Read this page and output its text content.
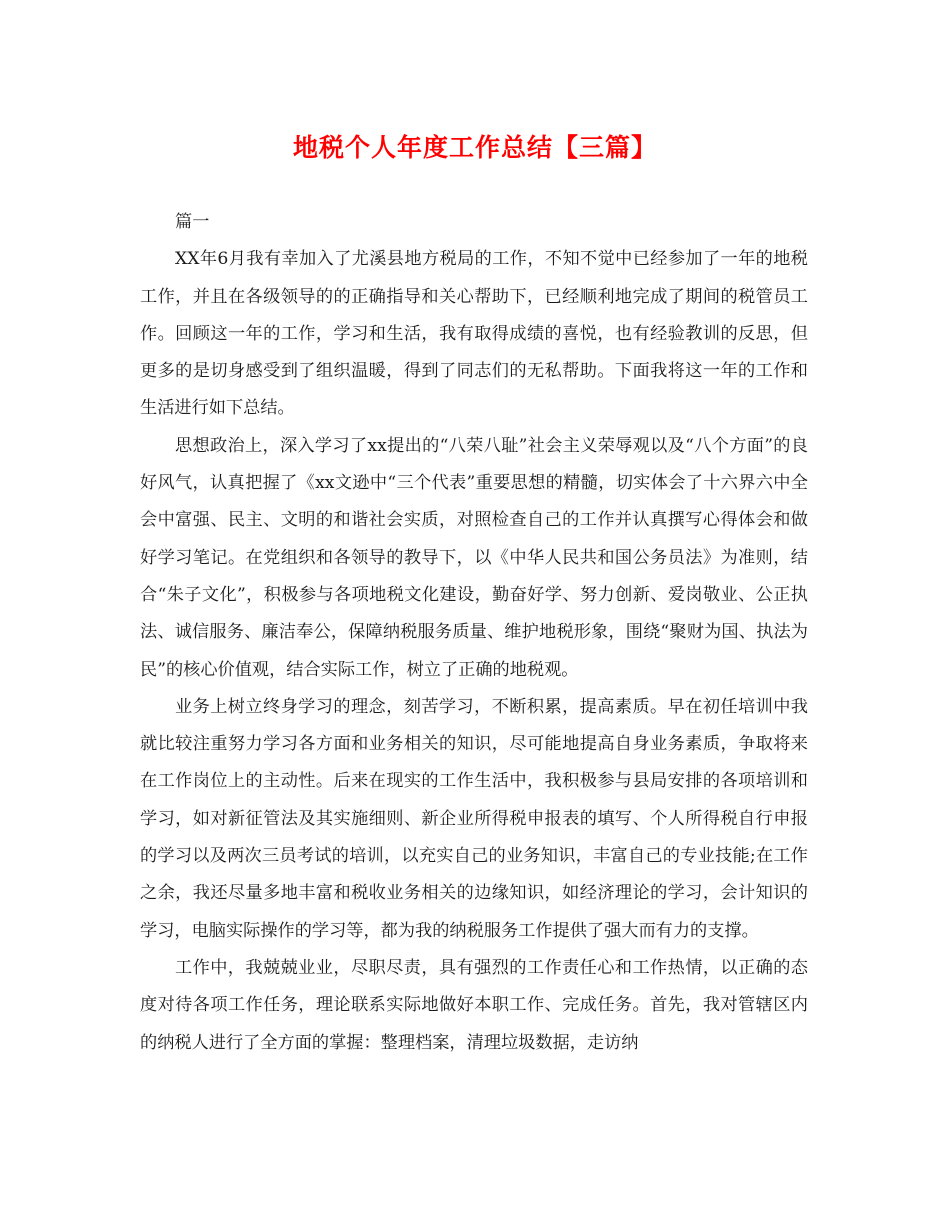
地税个人年度工作总结【三篇】

篇一

XX年6月我有幸加入了尤溪县地方税局的工作，不知不觉中已经参加了一年的地税工作，并且在各级领导的的正确指导和关心帮助下，已经顺利地完成了期间的税管员工作。回顾这一年的工作，学习和生活，我有取得成绩的喜悦，也有经验教训的反思，但更多的是切身感受到了组织温暖，得到了同志们的无私帮助。下面我将这一年的工作和生活进行如下总结。

思想政治上，深入学习了xx提出的“八荣八耻”社会主义荣辱观以及“八个方面”的良好风气，认真把握了《xx文逊中“三个代表”重要思想的精髓，切实体会了十六界六中全会中富强、民主、文明的和谐社会实质，对照检查自己的工作并认真撰写心得体会和做好学习笔记。在党组织和各领导的教导下，以《中华人民共和国公务员法》为准则，结合“朱子文化”，积极参与各项地税文化建设，勤奋好学、努力创新、爱岗敬业、公正执法、诚信服务、廉洁奉公，保障纳税服务质量、维护地税形象，围绕“聚财为国、执法为民”的核心价值观，结合实际工作，树立了正确的地税观。

业务上树立终身学习的理念，刻苦学习，不断积累，提高素质。早在初任培训中我就比较注重努力学习各方面和业务相关的知识，尽可能地提高自身业务素质，争取将来在工作岗位上的主动性。后来在现实的工作生活中，我积极参与县局安排的各项培训和学习，如对新征管法及其实施细则、新企业所得税申报表的填写、个人所得税自行申报的学习以及两次三员考试的培训，以充实自己的业务知识，丰富自己的专业技能;在工作之余，我还尽量多地丰富和税收业务相关的边缘知识，如经济理论的学习，会计知识的学习，电脑实际操作的学习等，都为我的纳税服务工作提供了强大而有力的支撑。

工作中，我兢兢业业，尽职尽责，具有强烈的工作责任心和工作热情，以正确的态度对待各项工作任务，理论联系实际地做好本职工作、完成任务。首先，我对管辖区内的纳税人进行了全方面的掌握：整理档案，清理垃圾数据，走访纳
